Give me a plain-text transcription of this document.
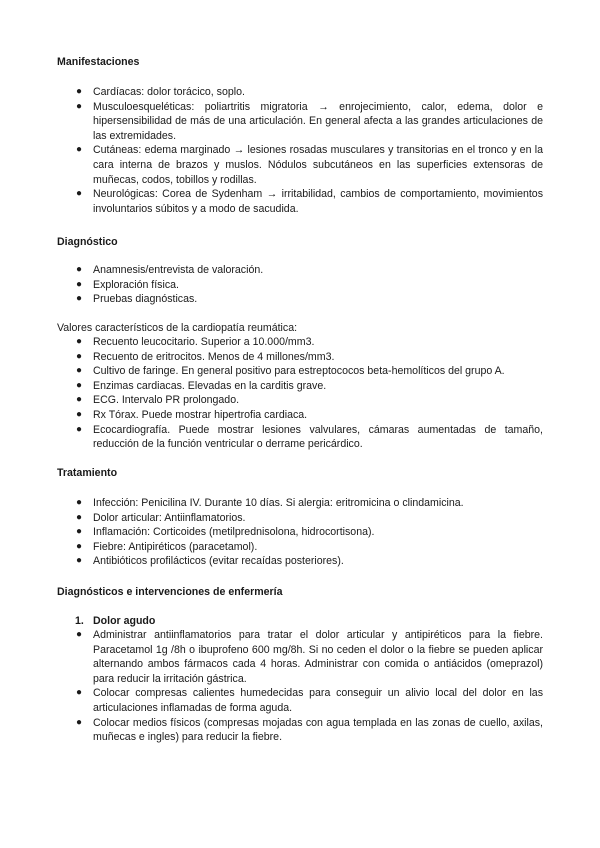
Manifestaciones
● Cardíacas: dolor torácico, soplo.
● Musculoesqueléticas: poliartritis migratoria → enrojecimiento, calor, edema, dolor e hipersensibilidad de más de una articulación. En general afecta a las grandes articulaciones de las extremidades.
● Cutáneas: edema marginado → lesiones rosadas musculares y transitorias en el tronco y en la cara interna de brazos y muslos. Nódulos subcutáneos en las superficies extensoras de muñecas, codos, tobillos y rodillas.
● Neurológicas: Corea de Sydenham → irritabilidad, cambios de comportamiento, movimientos involuntarios súbitos y a modo de sacudida.
Diagnóstico
● Anamnesis/entrevista de valoración.
● Exploración física.
● Pruebas diagnósticas.
Valores característicos de la cardiopatía reumática:
● Recuento leucocitario. Superior a 10.000/mm3.
● Recuento de eritrocitos. Menos de 4 millones/mm3.
● Cultivo de faringe. En general positivo para estreptococos beta-hemolíticos del grupo A.
● Enzimas cardiacas. Elevadas en la carditis grave.
● ECG. Intervalo PR prolongado.
● Rx Tórax. Puede mostrar hipertrofia cardiaca.
● Ecocardiografía. Puede mostrar lesiones valvulares, cámaras aumentadas de tamaño, reducción de la función ventricular o derrame pericárdico.
Tratamiento
● Infección: Penicilina IV. Durante 10 días. Si alergia: eritromicina o clindamicina.
● Dolor articular: Antiinflamatorios.
● Inflamación: Corticoides (metilprednisolona, hidrocortisona).
● Fiebre: Antipiréticos (paracetamol).
● Antibióticos profilácticos (evitar recaídas posteriores).
Diagnósticos e intervenciones de enfermería
1. Dolor agudo
● Administrar antiinflamatorios para tratar el dolor articular y antipiréticos para la fiebre. Paracetamol 1g /8h o ibuprofeno 600 mg/8h. Si no ceden el dolor o la fiebre se pueden aplicar alternando ambos fármacos cada 4 horas. Administrar con comida o antiácidos (omeprazol) para reducir la irritación gástrica.
● Colocar compresas calientes humedecidas para conseguir un alivio local del dolor en las articulaciones inflamadas de forma aguda.
● Colocar medios físicos (compresas mojadas con agua templada en las zonas de cuello, axilas, muñecas e ingles) para reducir la fiebre.
